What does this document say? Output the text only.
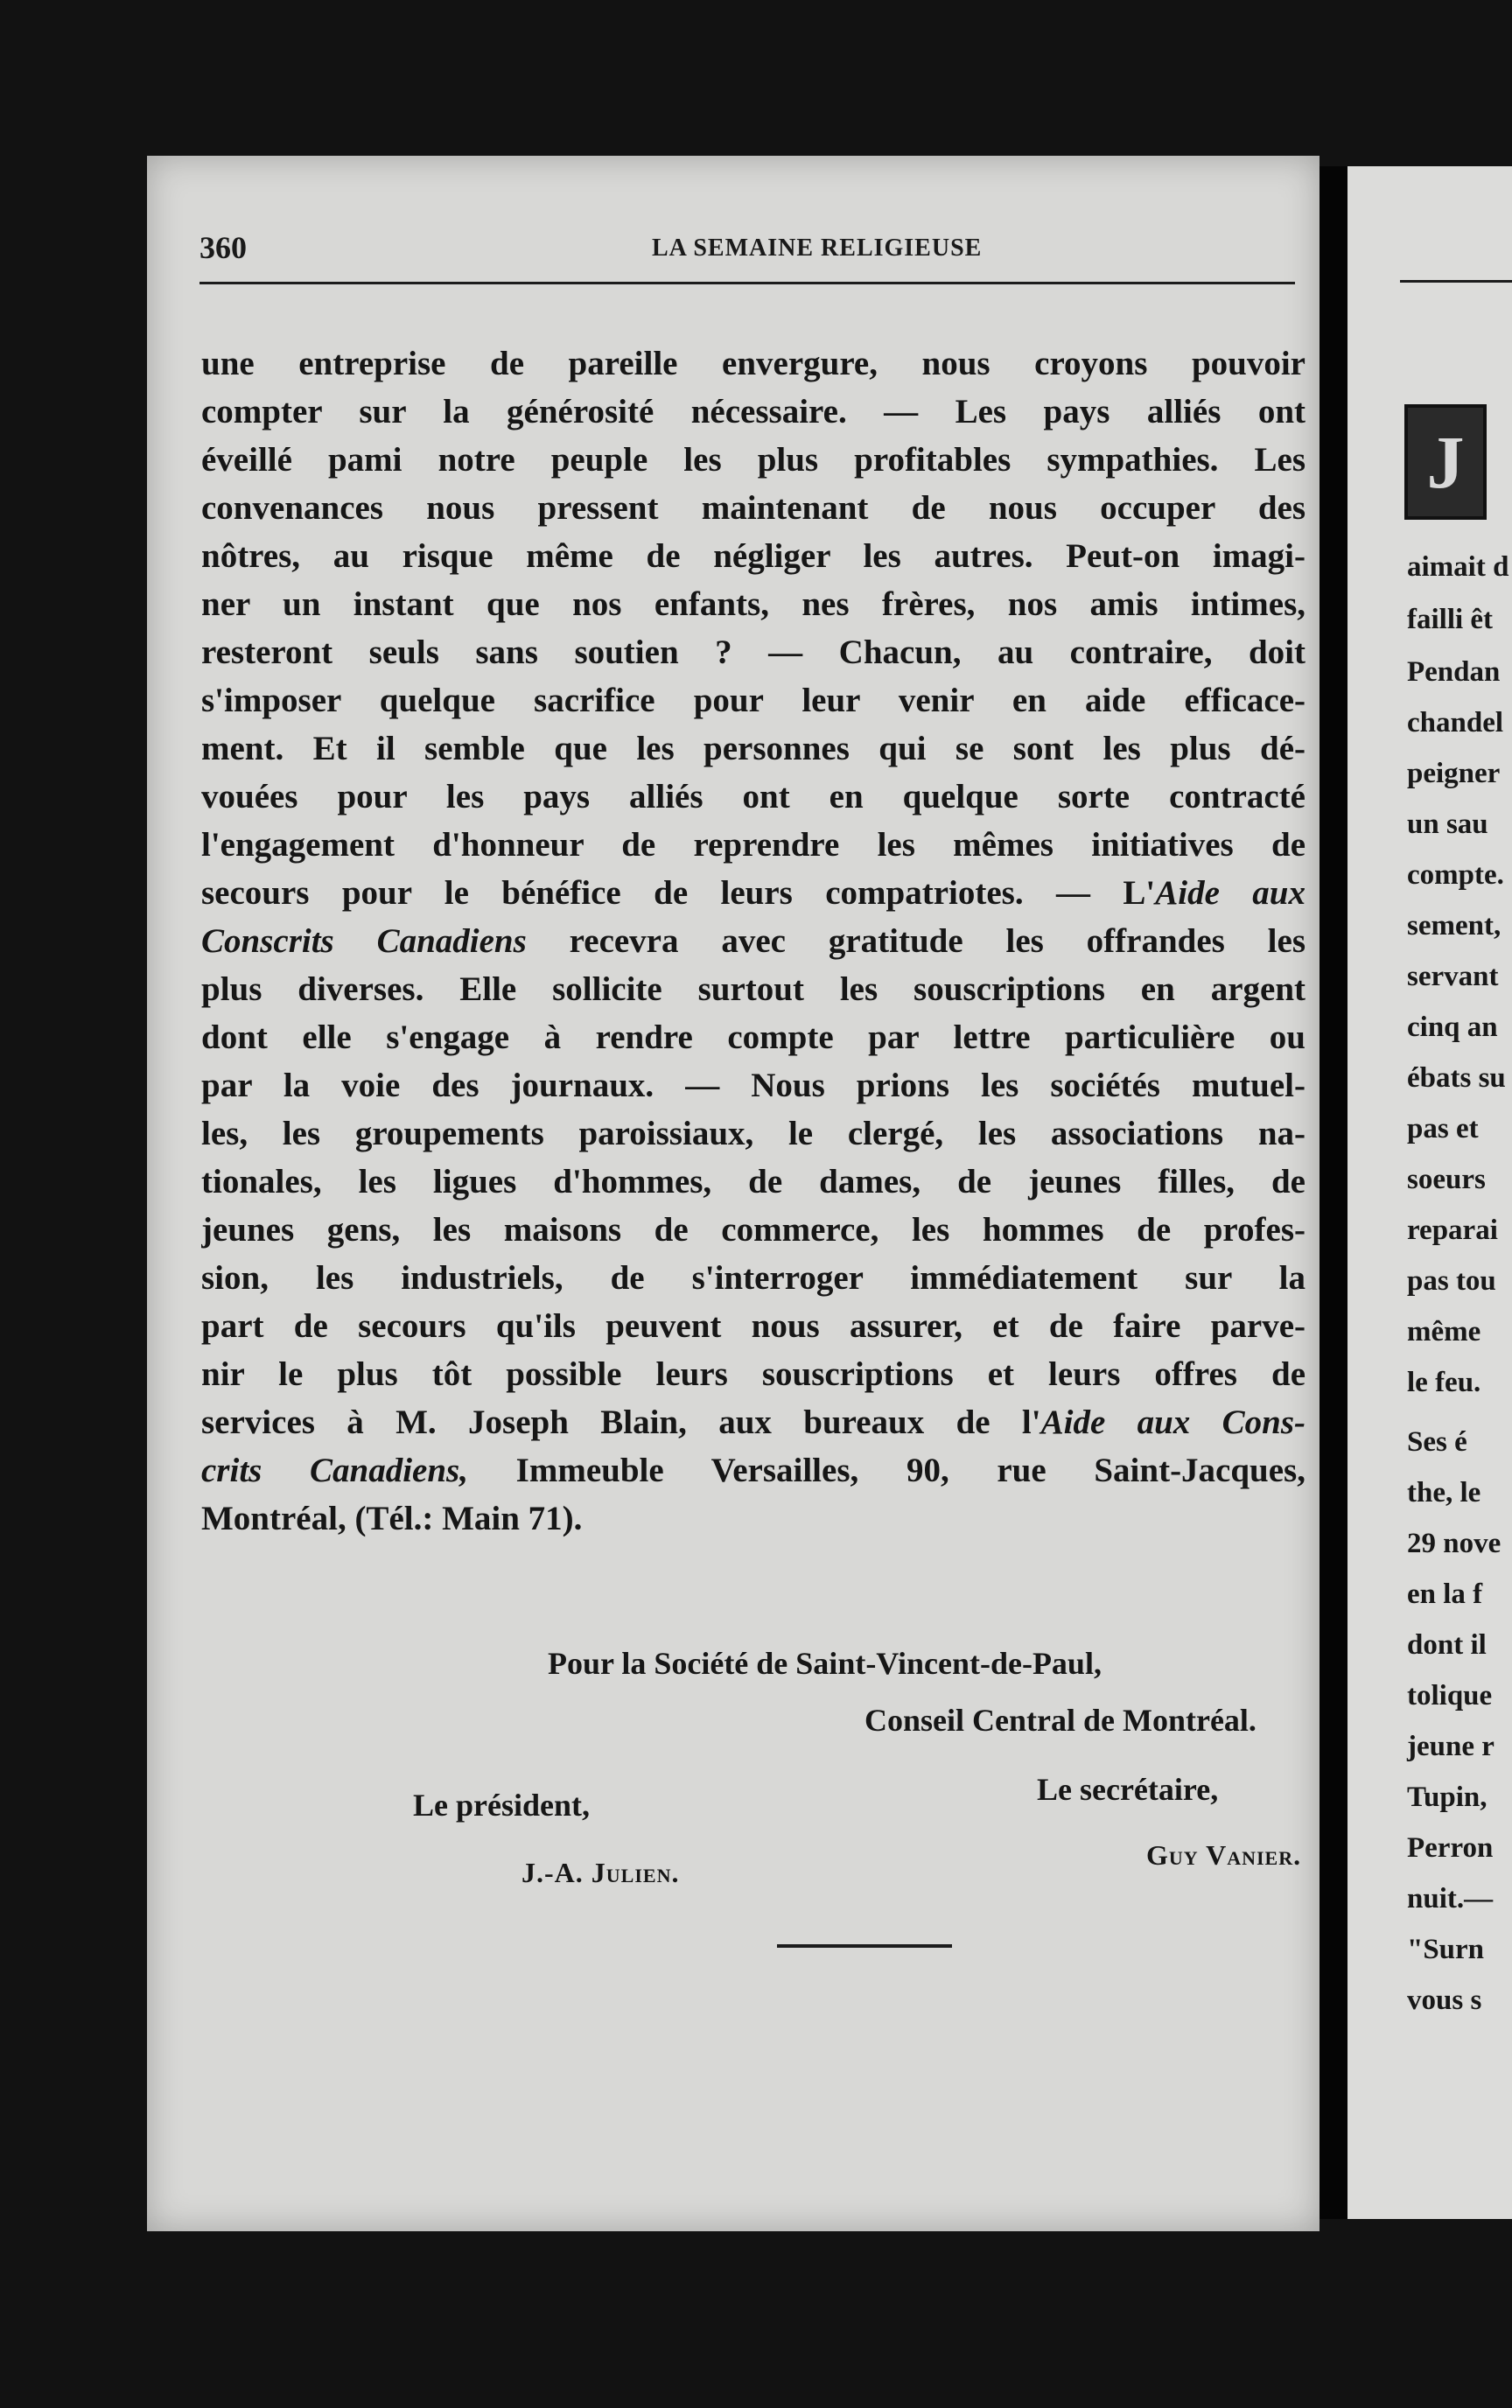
360	LA SEMAINE RELIGIEUSE
une entreprise de pareille envergure, nous croyons pouvoir
compter sur la générosité nécessaire. — Les pays alliés ont
éveillé pami notre peuple les plus profitables sympathies. Les
convenances nous pressent maintenant de nous occuper des
nôtres, au risque même de négliger les autres. Peut-on imagi-
ner un instant que nos enfants, nes frères, nos amis intimes,
resteront seuls sans soutien ? — Chacun, au contraire, doit
s'imposer quelque sacrifice pour leur venir en aide efficace-
ment. Et il semble que les personnes qui se sont les plus dé-
vouées pour les pays alliés ont en quelque sorte contracté
l'engagement d'honneur de reprendre les mêmes initiatives de
secours pour le bénéfice de leurs compatriotes. — L'Aide aux
Conscrits Canadiens recevra avec gratitude les offrandes les
plus diverses. Elle sollicite surtout les souscriptions en argent
dont elle s'engage à rendre compte par lettre particulière ou
par la voie des journaux. — Nous prions les sociétés mutuel-
les, les groupements paroissiaux, le clergé, les associations na-
tionales, les ligues d'hommes, de dames, de jeunes filles, de
jeunes gens, les maisons de commerce, les hommes de profes-
sion, les industriels, de s'interroger immédiatement sur la
part de secours qu'ils peuvent nous assurer, et de faire parve-
nir le plus tôt possible leurs souscriptions et leurs offres de
services à M. Joseph Blain, aux bureaux de l'Aide aux Cons-
crits Canadiens, Immeuble Versailles, 90, rue Saint-Jacques,
Montréal, (Tél.: Main 71).
Pour la Société de Saint-Vincent-de-Paul,
Conseil Central de Montréal.
Le président,	Le secrétaire,
J.-A. Julien.
Guy Vanier.
J
aimait d
failli êt
Pendan
chandel
peigner
un sau
compte.
sement,
servant
cinq an
ébats su
pas et
soeurs
reparai
pas tou
même
le feu.
Ses é
the, le
29 nove
en la f
dont il
tolique
jeune r
Tupin,
Perron
nuit.—
"Surn
vous s
